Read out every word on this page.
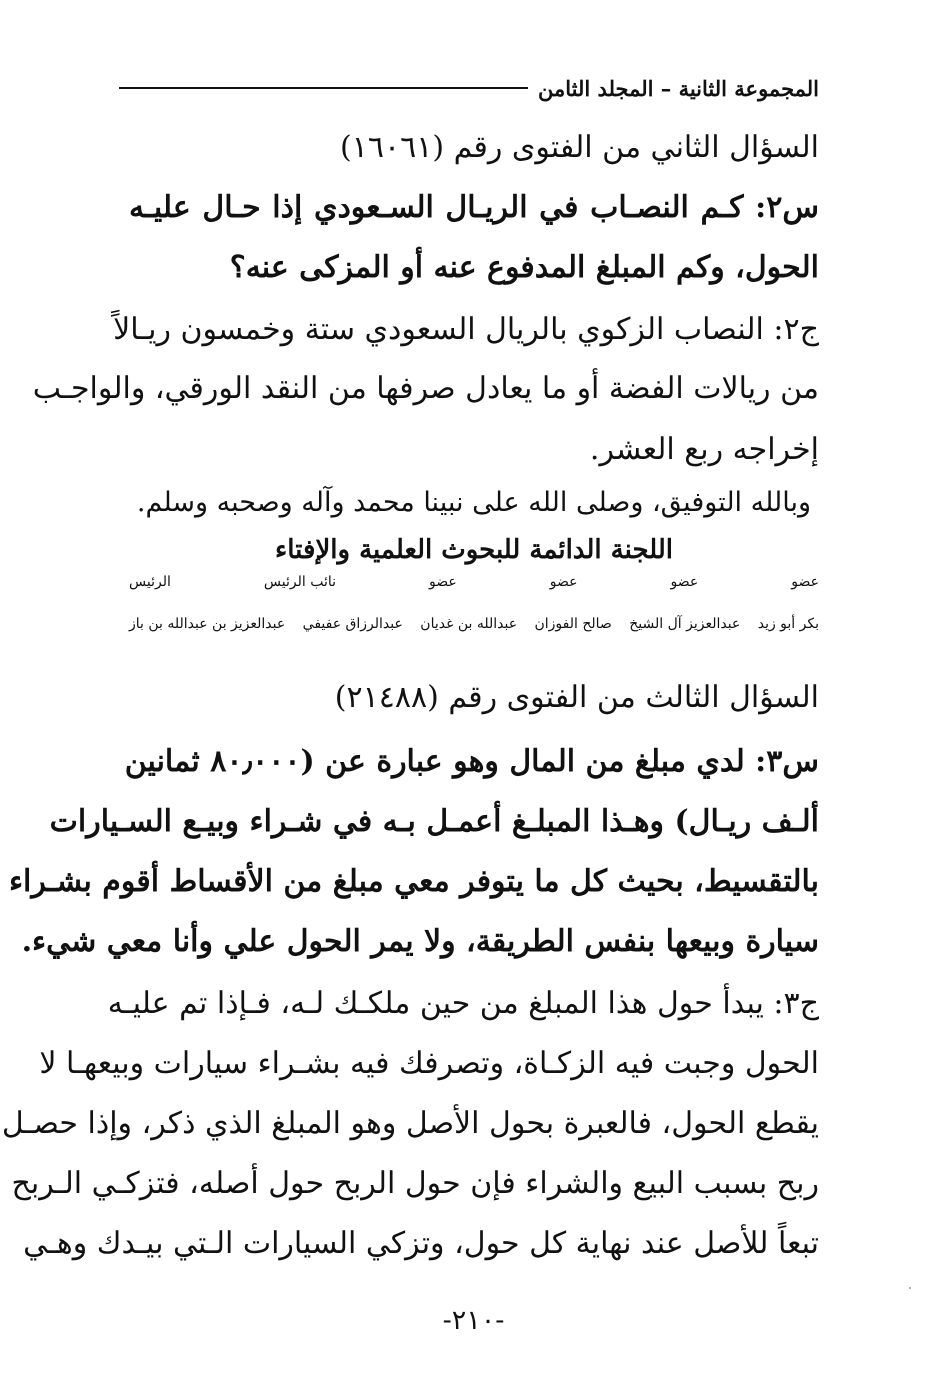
المجموعة الثانية – المجلد الثامن
السؤال الثاني من الفتوى رقم (١٦٠٦١)
س٢: كـم النصـاب في الريـال السـعودي إذا حـال عليـه
الحول، وكم المبلغ المدفوع عنه أو المزكى عنه؟
ج٢: النصاب الزكوي بالريال السعودي ستة وخمسون ريـالاً
من ريالات الفضة أو ما يعادل صرفها من النقد الورقي، والواجـب
إخراجه ربع العشر.
وبالله التوفيق، وصلى الله على نبينا محمد وآله وصحبه وسلم.
اللجنة الدائمة للبحوث العلمية والإفتاء
عضو
عضو
عضو
عضو
نائب الرئيس
الرئيس
بكر أبو زيد
عبدالعزيز آل الشيخ
صالح الفوزان
عبدالله بن غديان
عبدالرزاق عفيفي
عبدالعزيز بن عبدالله بن باز
السؤال الثالث من الفتوى رقم (٢١٤٨٨)
س٣: لدي مبلغ من المال وهو عبارة عن (٨٠٫٠٠٠ ثمانين
ألـف ريـال) وهـذا المبلـغ أعمـل بـه في شـراء وبيـع السـيارات
بالتقسيط، بحيث كل ما يتوفر معي مبلغ من الأقساط أقوم بشـراء
سيارة وبيعها بنفس الطريقة، ولا يمر الحول علي وأنا معي شيء.
ج٣: يبدأ حول هذا المبلغ من حين ملكـك لـه، فـإذا تم عليـه
الحول وجبت فيه الزكـاة، وتصرفك فيه بشـراء سيارات وبيعهـا لا
يقطع الحول، فالعبرة بحول الأصل وهو المبلغ الذي ذكر، وإذا حصـل
ربح بسبب البيع والشراء فإن حول الربح حول أصله، فتزكـي الـربح
تبعاً للأصل عند نهاية كل حول، وتزكي السيارات الـتي بيـدك وهـي
-٢١٠-
